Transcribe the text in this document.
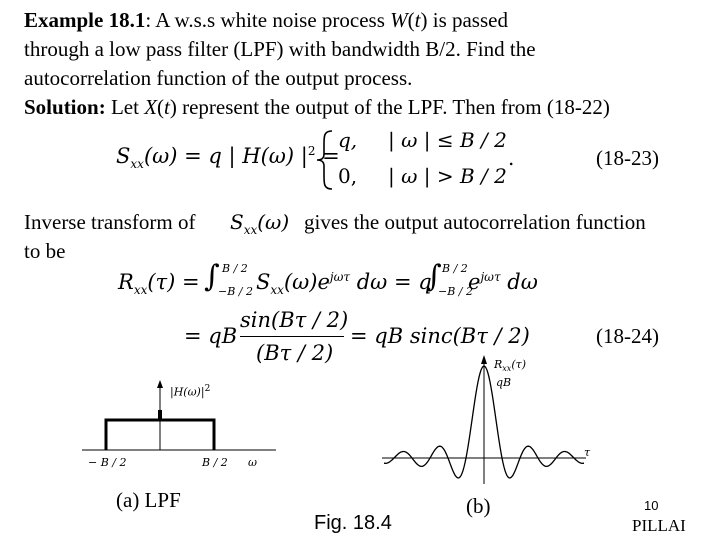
Example 18.1: A w.s.s white noise process W(t) is passed
through a low pass filter (LPF) with bandwidth B/2. Find the
autocorrelation function of the output process.
Solution: Let X(t) represent the output of the LPF. Then from (18-22)
$S_{xx}(\omega) = q$ | H(ω) $|^2$ =
q, | ω | ≤ B / 2
0, | ω | > B / 2
.	(18-23)
Inverse transform of $S_{xx}(\omega)$ gives the output autocorrelation function
to be
$R_{xx}(\tau)$ = ∫ B / 2
−B / 2 $S_{xx}(\omega)e^{j\omega\tau}$ dω = q
∫ B / 2
−B / 2
$e^{j\omega\tau}$ dω
= qB
sin(Bτ / 2)
(Bτ / 2)
= qB sinc(Bτ / 2)	(18-24)
$|H(\omega)|^2$
− B / 2	B / 2 ω
(a) LPF
$R_{xx}(\tau)$
qB
τ
(b)
Fig. 18.4
10
PILLAI
